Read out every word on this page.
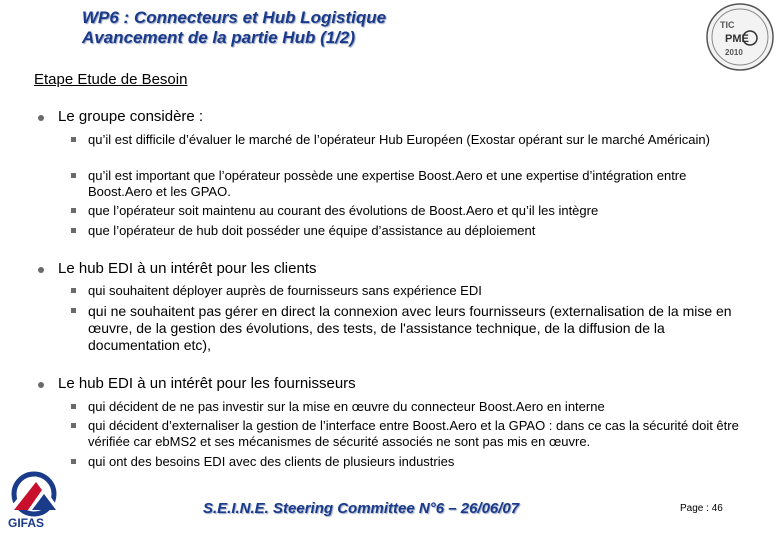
WP6 : Connecteurs et Hub Logistique
Avancement de la partie Hub (1/2)
TIC
PME
2010
Etape Etude de Besoin
Le groupe considère :
qu’il est difficile d’évaluer le marché de l’opérateur Hub Européen (Exostar opérant sur le marché Américain)
qu’il est important que l’opérateur possède une expertise Boost.Aero et une expertise d’intégration entre Boost.Aero et les GPAO.
que l’opérateur soit maintenu au courant des évolutions de Boost.Aero et qu’il les intègre
que l’opérateur de hub doit posséder une équipe d’assistance au déploiement
Le hub EDI à un intérêt pour les clients
qui souhaitent déployer auprès de fournisseurs sans expérience EDI
qui ne souhaitent pas gérer en direct la connexion avec leurs fournisseurs (externalisation de la mise en œuvre, de la gestion des évolutions, des tests, de l'assistance technique, de la diffusion de la documentation etc),
Le hub EDI à un intérêt pour les fournisseurs
qui décident de ne pas investir sur la mise en œuvre du connecteur Boost.Aero en interne
qui décident d’externaliser la gestion de l’interface entre Boost.Aero et la GPAO : dans ce cas la sécurité doit être vérifiée car ebMS2 et ses mécanismes de sécurité associés ne sont pas mis en œuvre.
qui ont des besoins EDI avec des clients de plusieurs industries
GIFAS
S.E.I.N.E. Steering Committee N°6 – 26/06/07	Page : 46
